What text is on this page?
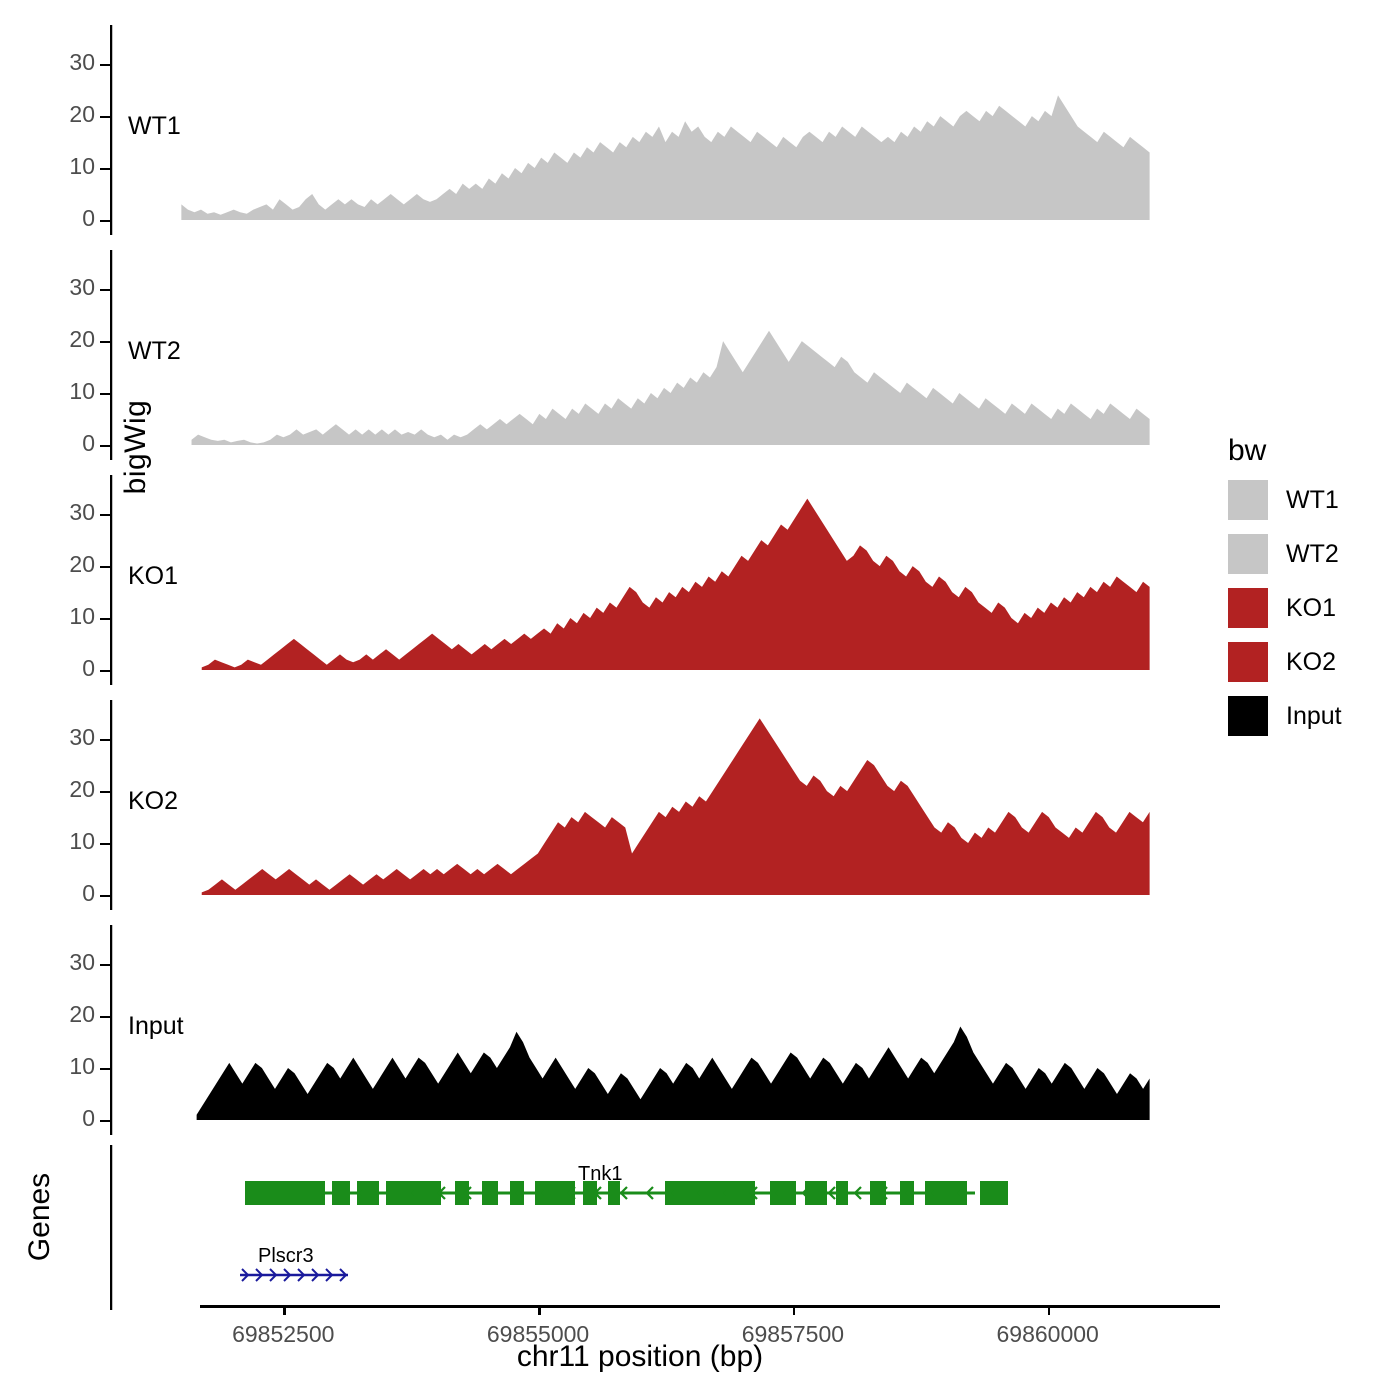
bigWig
Genes
chr11 position (bp)
69852500	69855000	69857500	69860000
bw
WT1
WT2
KO1
KO2
Input
0
10
20
30
WT1
0
10
20
30
WT2
0
10
20
30
KO1
0
10
20
30
KO2
0
10
20
30
Input
Tnk1
Plscr3
